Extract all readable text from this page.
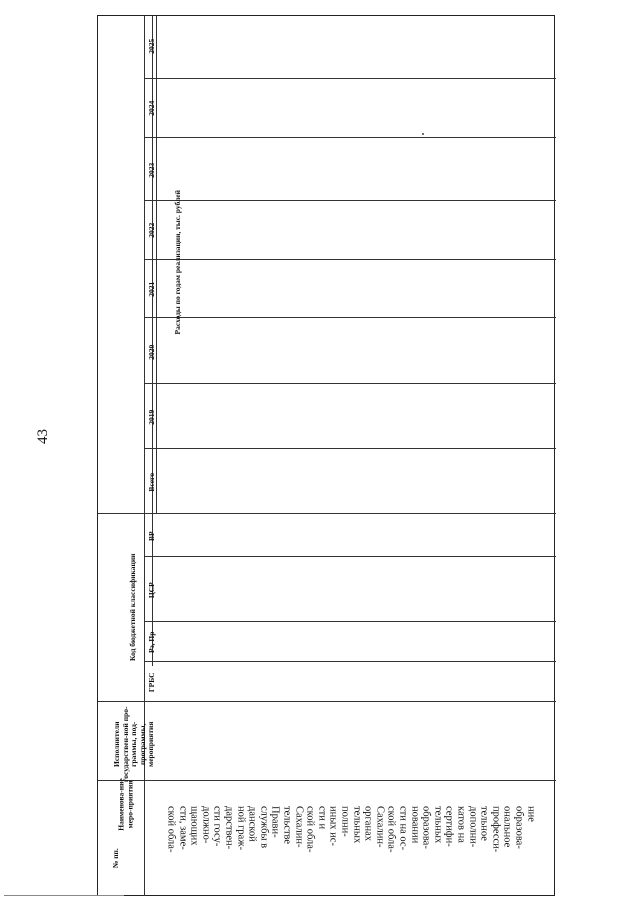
43
Расходы по годам реализации, тыс. рублей
Код бюджетной классификации
Исполнители государствен-ной про-граммы, под-программы, мероприятия
Наименова-ние меро-приятия
№ пп.
2025
2024
2023
2022
2021
2020
2019
Всего
ВР
ЦСР
Рз, Пр
ГРБС
ской обла- сти, заме- щающих должно- сти госу- дарствен- ной граж- данской службы в Прави- тельстве Сахалин- ской обла- сти и иных ис- полни- тельных органах Сахалин- ской обла- сти на ос- новании образова- тельных сертифи- катов на дополни- тельное професси- ональное образова- ние
